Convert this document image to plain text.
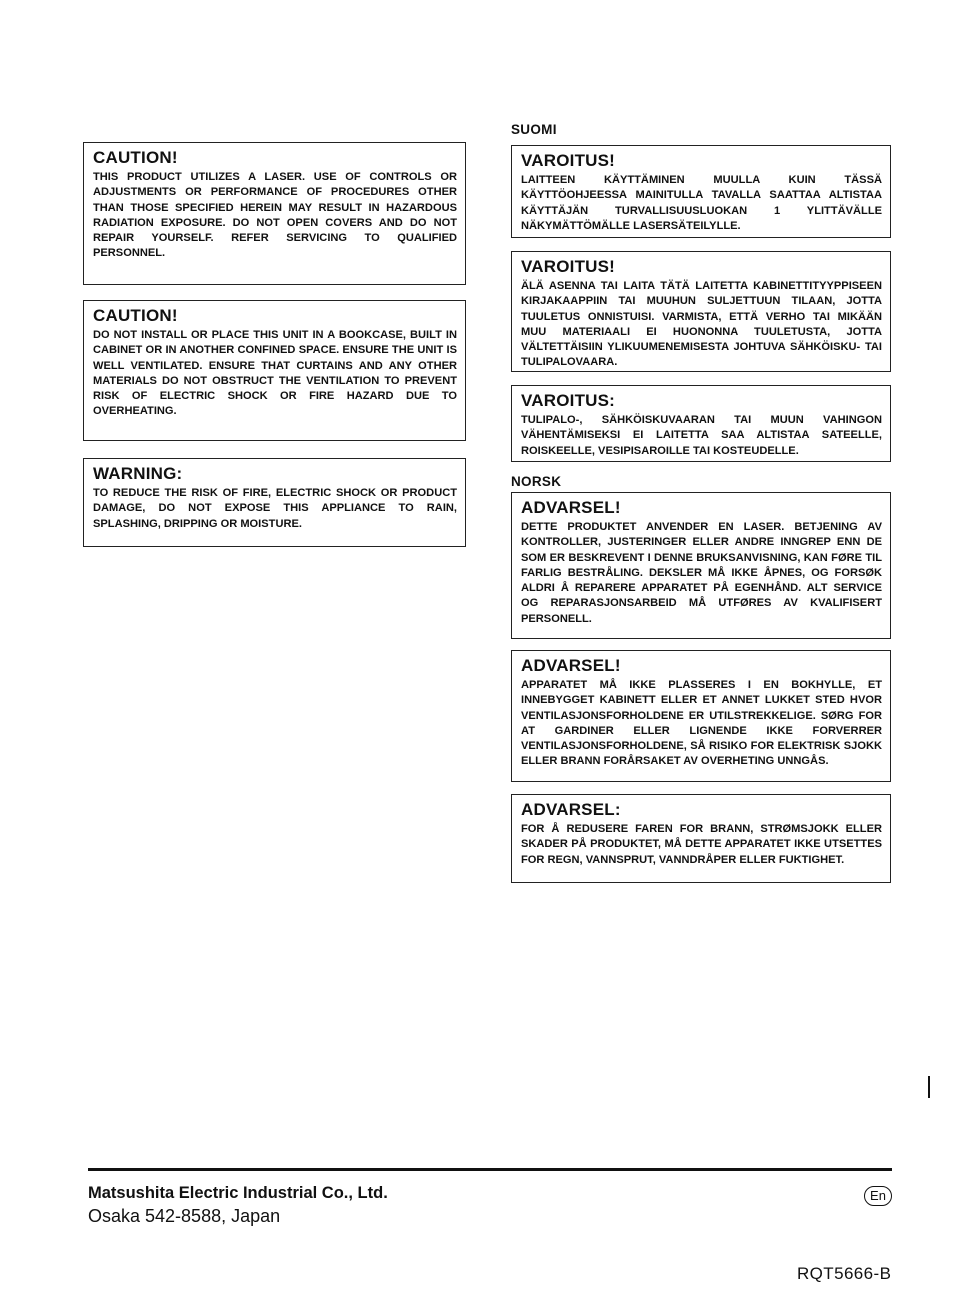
CAUTION!

THIS PRODUCT UTILIZES A LASER. USE OF CONTROLS OR ADJUSTMENTS OR PERFORMANCE OF PROCEDURES OTHER THAN THOSE SPECIFIED HEREIN MAY RESULT IN HAZARDOUS RADIATION EXPOSURE. DO NOT OPEN COVERS AND DO NOT REPAIR YOURSELF. REFER SERVICING TO QUALIFIED PERSONNEL.

CAUTION!

DO NOT INSTALL OR PLACE THIS UNIT IN A BOOKCASE, BUILT IN CABINET OR IN ANOTHER CONFINED SPACE. ENSURE THE UNIT IS WELL VENTILATED. ENSURE THAT CURTAINS AND ANY OTHER MATERIALS DO NOT OBSTRUCT THE VENTILATION TO PREVENT RISK OF ELECTRIC SHOCK OR FIRE HAZARD DUE TO OVERHEATING.

WARNING:

TO REDUCE THE RISK OF FIRE, ELECTRIC SHOCK OR PRODUCT DAMAGE, DO NOT EXPOSE THIS APPLIANCE TO RAIN, SPLASHING, DRIPPING OR MOISTURE.

SUOMI
VAROITUS!

LAITTEEN KÄYTTÄMINEN MUULLA KUIN TÄSSÄ KÄYTTÖOHJEESSA MAINITULLA TAVALLA SAATTAA ALTISTAA KÄYTTÄJÄN TURVALLISUUSLUOKAN 1 YLITTÄVÄLLE NÄKYMÄTTÖMÄLLE LASERSÄTEILYLLE.

VAROITUS!

ÄLÄ ASENNA TAI LAITA TÄTÄ LAITETTA KABINETTITYYPPISEEN KIRJAKAAPPIIN TAI MUUHUN SULJETTUUN TILAAN, JOTTA TUULETUS ONNISTUISI. VARMISTA, ETTÄ VERHO TAI MIKÄÄN MUU MATERIAALI EI HUONONNA TUULETUSTA, JOTTA VÄLTETTÄISIIN YLIKUUMENEMISESTA JOHTUVA SÄHKÖISKU- TAI TULIPALOVAARA.

VAROITUS:

TULIPALO-, SÄHKÖISKUVAARAN TAI MUUN VAHINGON VÄHENTÄMISEKSI EI LAITETTA SAA ALTISTAA SATEELLE, ROISKEELLE, VESIPISAROILLE TAI KOSTEUDELLE.

NORSK
ADVARSEL!

DETTE PRODUKTET ANVENDER EN LASER. BETJENING AV KONTROLLER, JUSTERINGER ELLER ANDRE INNGREP ENN DE SOM ER BESKREVENT I DENNE BRUKSANVISNING, KAN FØRE TIL FARLIG BESTRÅLING. DEKSLER MÅ IKKE ÅPNES, OG FORSØK ALDRI Å REPARERE APPARATET PÅ EGENHÅND. ALT SERVICE OG REPARASJONSARBEID MÅ UTFØRES AV KVALIFISERT PERSONELL.

ADVARSEL!

APPARATET MÅ IKKE PLASSERES I EN BOKHYLLE, ET INNEBYGGET KABINETT ELLER ET ANNET LUKKET STED HVOR VENTILASJONSFORHOLDENE ER UTILSTREKKELIGE. SØRG FOR AT GARDINER ELLER LIGNENDE IKKE FORVERRER VENTILASJONSFORHOLDENE, SÅ RISIKO FOR ELEKTRISK SJOKK ELLER BRANN FORÅRSAKET AV OVERHETING UNNGÅS.

ADVARSEL:

FOR Å REDUSERE FAREN FOR BRANN, STRØMSJOKK ELLER SKADER PÅ PRODUKTET, MÅ DETTE APPARATET IKKE UTSETTES FOR REGN, VANNSPRUT, VANNDRÅPER ELLER FUKTIGHET.

Matsushita Electric Industrial Co., Ltd.
Osaka 542-8588, Japan
En
RQT5666-B
